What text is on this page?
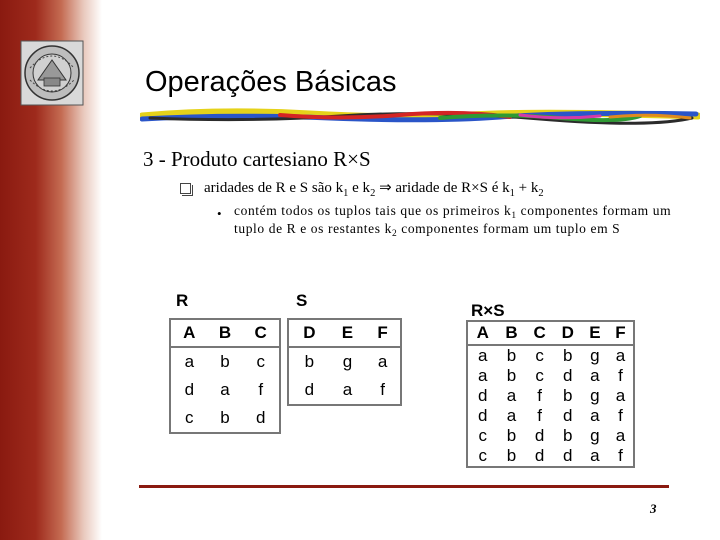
Operações Básicas
3 - Produto cartesiano R×S
aridades de R e S são $k_1$ e $k_2$ ⇒ aridade de R×S é $k_1 + k_2$
• contém todos os tuplos tais que os primeiros $k_1$ componentes formam um tuplo de R e os restantes $k_2$ componentes formam um tuplo em S
R
A	B	C
a	b	c
d	a	f
c	b	d
S
D	E	F
b	g	a
d	a	f
R×S
A	B	C	D	E	F
a	b	c	b	g	a
a	b	c	d	a	f
d	a	f	b	g	a
d	a	f	d	a	f
c	b	d	b	g	a
c	b	d	d	a	f
3
